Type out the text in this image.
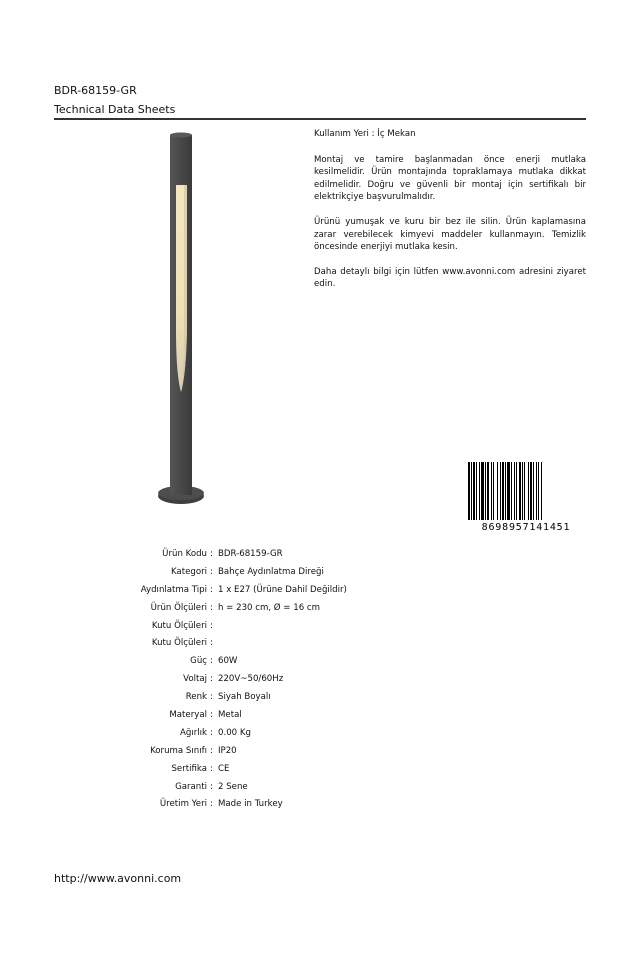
BDR-68159-GR
Technical Data Sheets

Kullanım Yeri : İç Mekan

Montaj ve tamire başlanmadan önce enerji mutlaka kesilmelidir. Ürün montajında topraklamaya mutlaka dikkat edilmelidir. Doğru ve güvenli bir montaj için sertifikalı bir elektrikçiye başvurulmalıdır.

Ürünü yumuşak ve kuru bir bez ile silin. Ürün kaplamasına zarar verebilecek kimyevi maddeler kullanmayın. Temizlik öncesinde enerjiyi mutlaka kesin.

Daha detaylı bilgi için lütfen www.avonni.com adresini ziyaret edin.

8698957141451
Ürün Kodu : BDR-68159-GR
Kategori : Bahçe Aydınlatma Direği
Aydınlatma Tipi : 1 x E27 (Ürüne Dahil Değildir)
Ürün Ölçüleri : h = 230 cm, Ø = 16 cm
Kutu Ölçüleri :
Kutu Ölçüleri :
Güç : 60W
Voltaj : 220V~50/60Hz
Renk : Siyah Boyalı
Materyal : Metal
Ağırlık : 0.00 Kg
Koruma Sınıfı : IP20
Sertifika : CE
Garanti : 2 Sene
Üretim Yeri : Made in Turkey
http://www.avonni.com
